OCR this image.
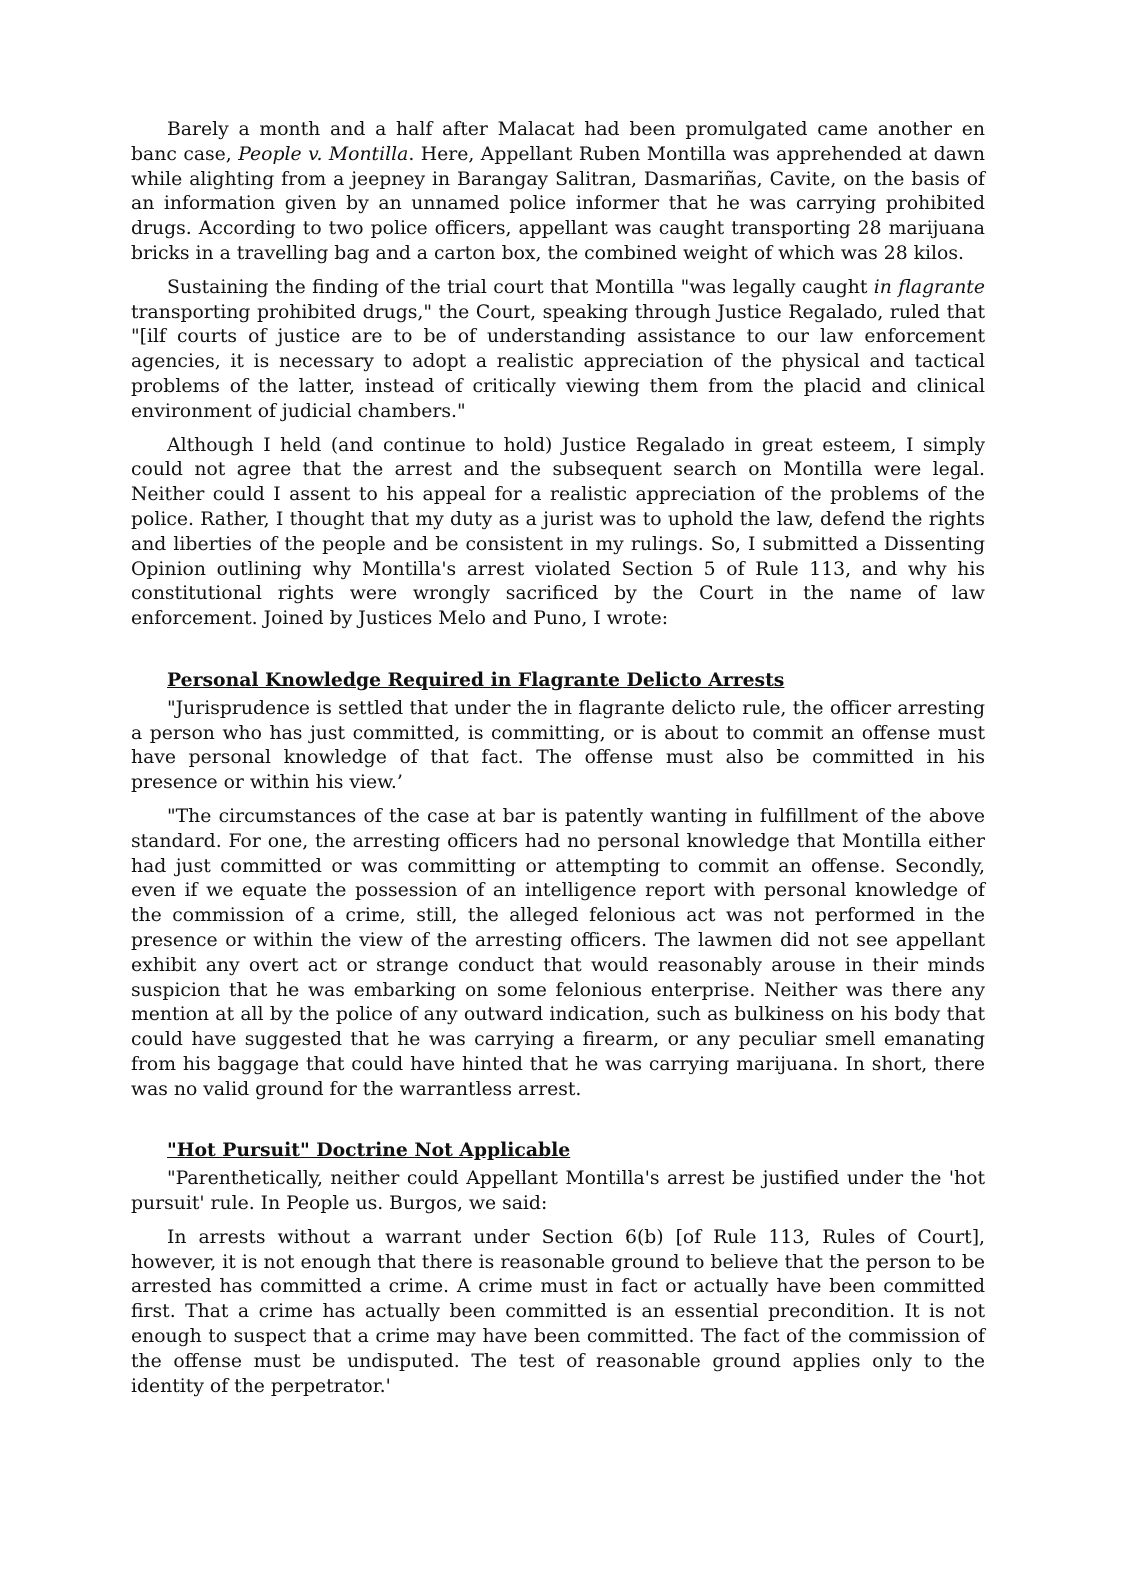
Barely a month and a half after Malacat had been promulgated came another en banc case, People v. Montilla. Here, Appellant Ruben Montilla was apprehended at dawn while alighting from a jeepney in Barangay Salitran, Dasmariñas, Cavite, on the basis of an information given by an unnamed police informer that he was carrying prohibited drugs. According to two police officers, appellant was caught transporting 28 marijuana bricks in a travelling bag and a carton box, the combined weight of which was 28 kilos.

Sustaining the finding of the trial court that Montilla "was legally caught in flagrante transporting prohibited drugs," the Court, speaking through Justice Regalado, ruled that "[ilf courts of justice are to be of understanding assistance to our law enforcement agencies, it is necessary to adopt a realistic appreciation of the physical and tactical problems of the latter, instead of critically viewing them from the placid and clinical environment of judicial chambers."

Although I held (and continue to hold) Justice Regalado in great esteem, I simply could not agree that the arrest and the subsequent search on Montilla were legal. Neither could I assent to his appeal for a realistic appreciation of the problems of the police. Rather, I thought that my duty as a jurist was to uphold the law, defend the rights and liberties of the people and be consistent in my rulings. So, I submitted a Dissenting Opinion outlining why Montilla's arrest violated Section 5 of Rule 113, and why his constitutional rights were wrongly sacrificed by the Court in the name of law enforcement. Joined by Justices Melo and Puno, I wrote:

Personal Knowledge Required in Flagrante Delicto Arrests

"Jurisprudence is settled that under the in flagrante delicto rule, the officer arresting a person who has just committed, is committing, or is about to commit an offense must have personal knowledge of that fact. The offense must also be committed in his presence or within his view.’

"The circumstances of the case at bar is patently wanting in fulfillment of the above standard. For one, the arresting officers had no personal knowledge that Montilla either had just committed or was committing or attempting to commit an offense. Secondly, even if we equate the possession of an intelligence report with personal knowledge of the commission of a crime, still, the alleged felonious act was not performed in the presence or within the view of the arresting officers. The lawmen did not see appellant exhibit any overt act or strange conduct that would reasonably arouse in their minds suspicion that he was embarking on some felonious enterprise. Neither was there any mention at all by the police of any outward indication, such as bulkiness on his body that could have suggested that he was carrying a firearm, or any peculiar smell emanating from his baggage that could have hinted that he was carrying marijuana. In short, there was no valid ground for the warrantless arrest.

"Hot Pursuit" Doctrine Not Applicable

"Parenthetically, neither could Appellant Montilla's arrest be justified under the 'hot pursuit' rule. In People us. Burgos, we said:

In arrests without a warrant under Section 6(b) [of Rule 113, Rules of Court], however, it is not enough that there is reasonable ground to believe that the person to be arrested has committed a crime. A crime must in fact or actually have been committed first. That a crime has actually been committed is an essential precondition. It is not enough to suspect that a crime may have been committed. The fact of the commission of the offense must be undisputed. The test of reasonable ground applies only to the identity of the perpetrator.'
